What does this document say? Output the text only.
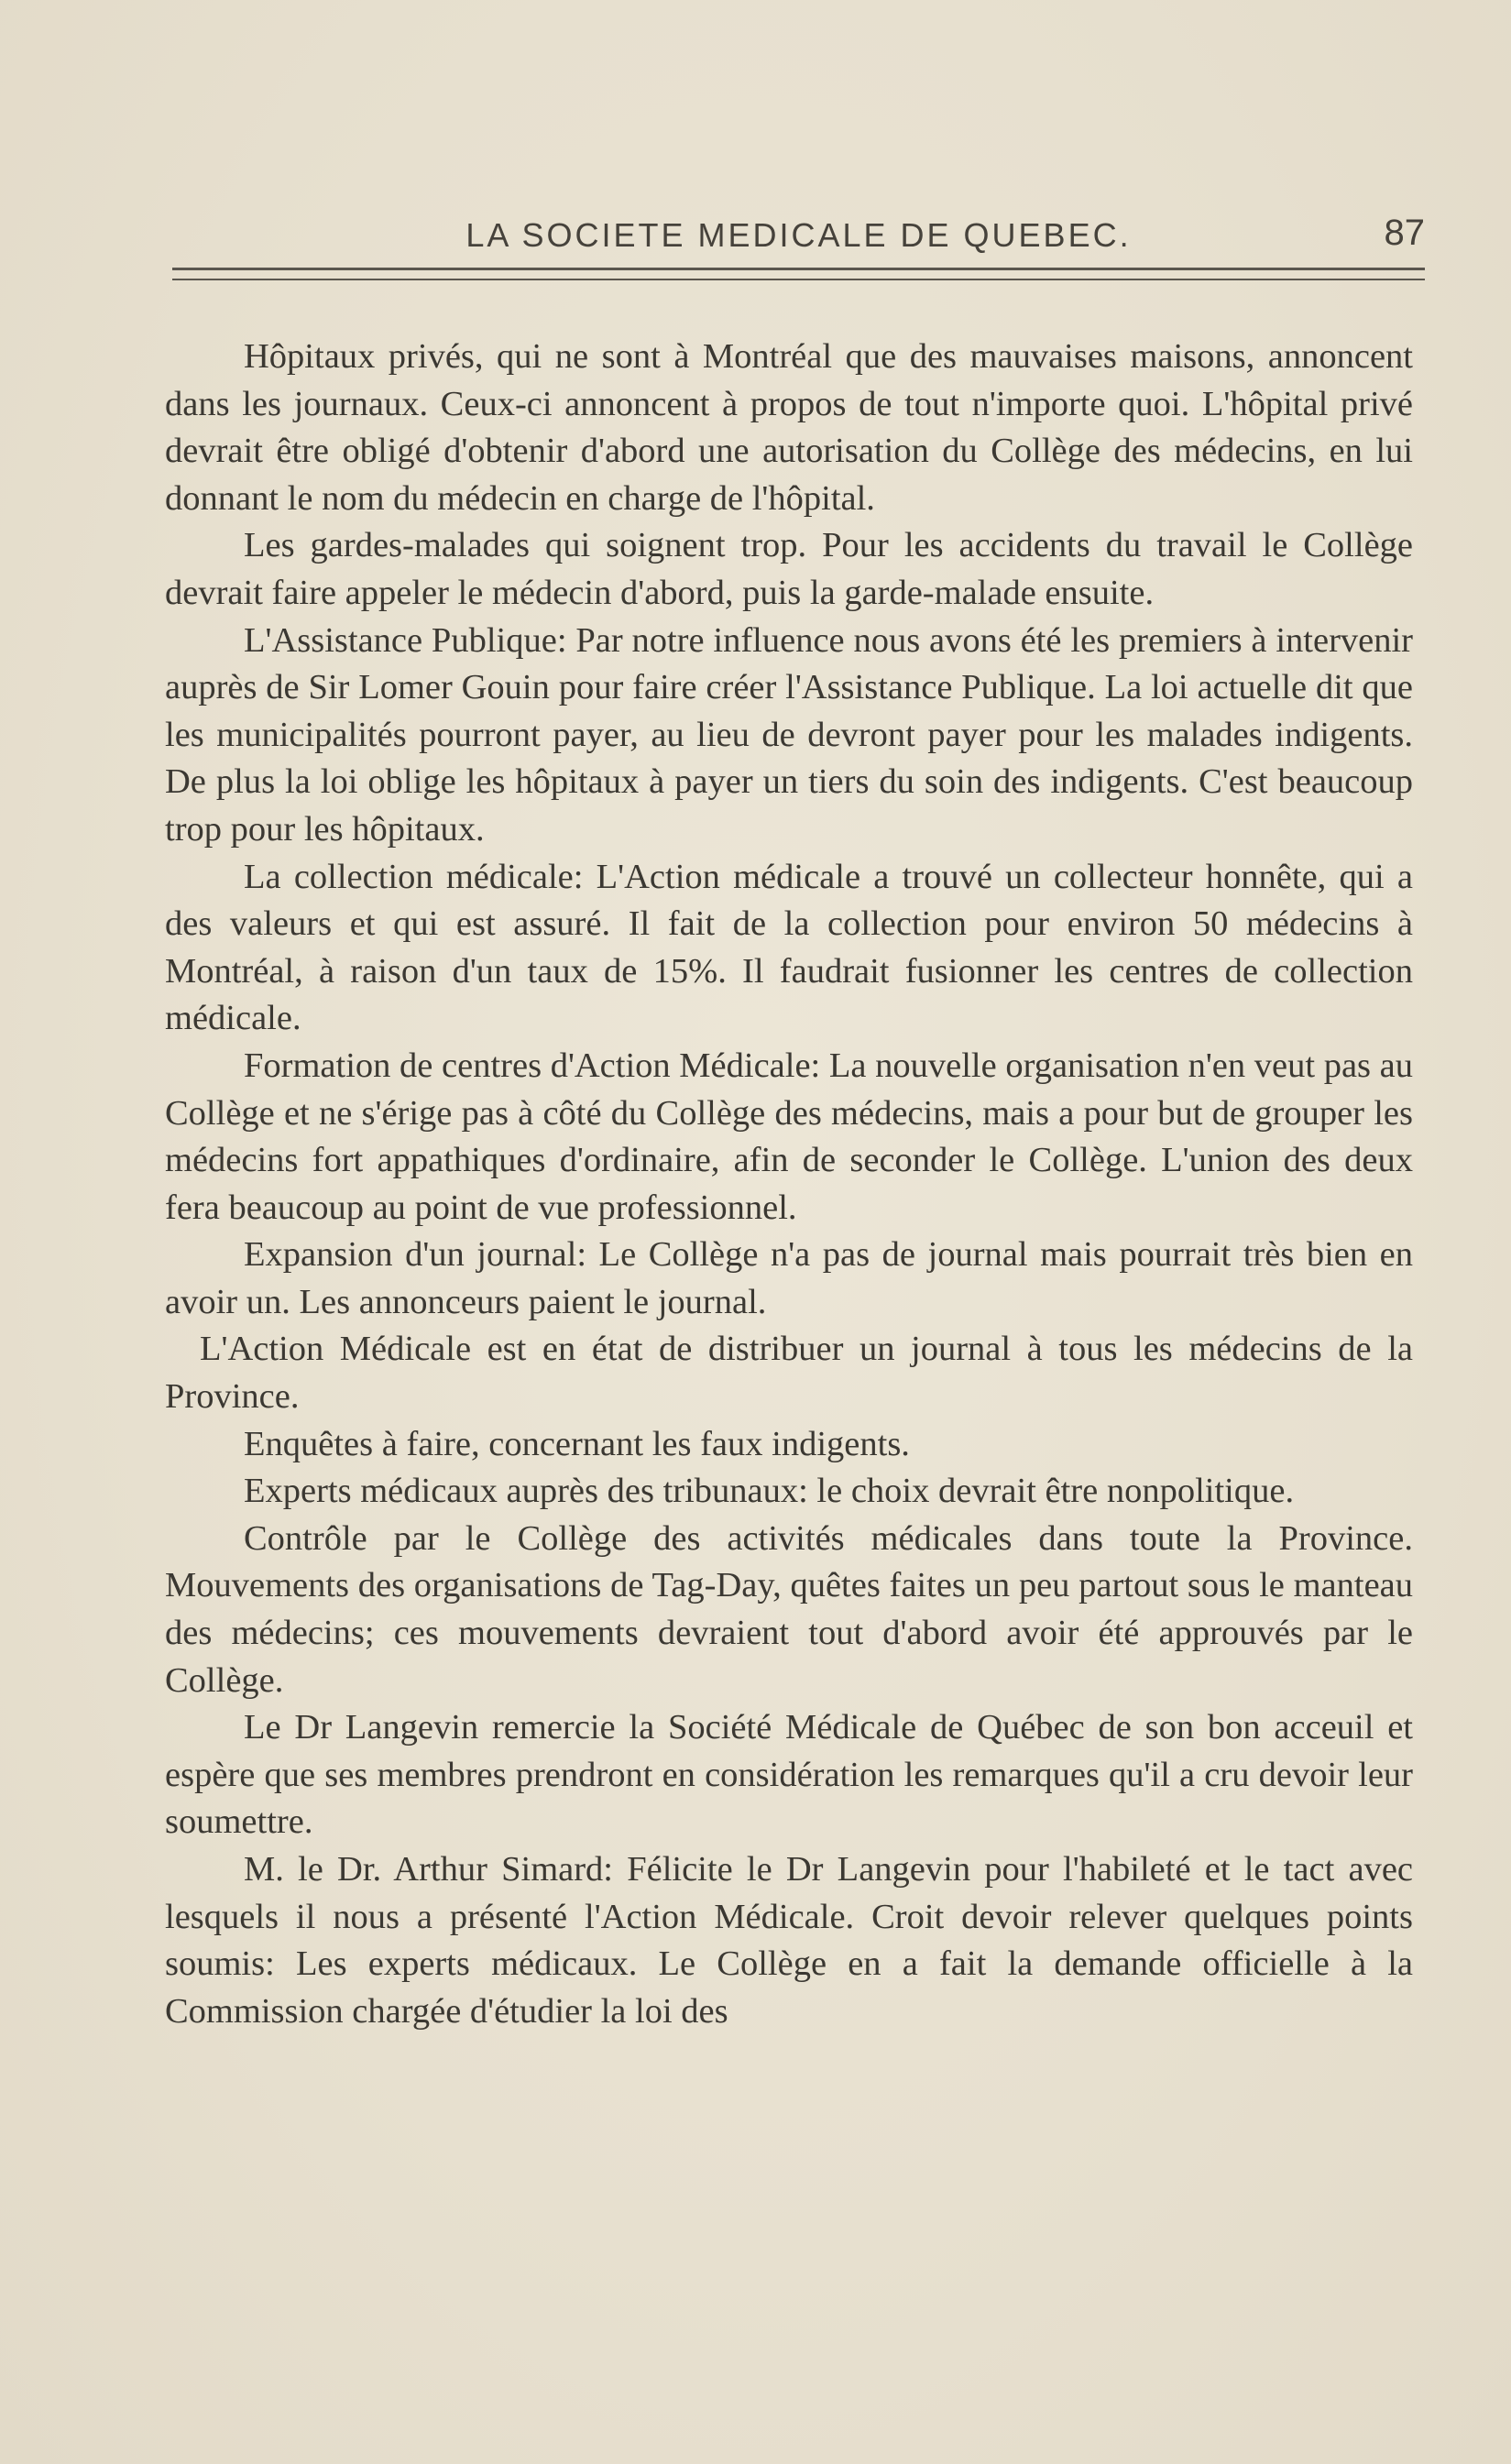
LA SOCIETE MEDICALE DE QUEBEC.	87

Hôpitaux privés, qui ne sont à Montréal que des mauvaises maisons, annoncent dans les journaux. Ceux-ci annoncent à propos de tout n'importe quoi. L'hôpital privé devrait être obligé d'obtenir d'abord une autorisation du Collège des médecins, en lui donnant le nom du médecin en charge de l'hôpital.

Les gardes-malades qui soignent trop. Pour les accidents du travail le Collège devrait faire appeler le médecin d'abord, puis la garde-malade ensuite.

L'Assistance Publique: Par notre influence nous avons été les premiers à intervenir auprès de Sir Lomer Gouin pour faire créer l'Assistance Publique. La loi actuelle dit que les municipalités pourront payer, au lieu de devront payer pour les malades indigents. De plus la loi oblige les hôpitaux à payer un tiers du soin des indigents. C'est beaucoup trop pour les hôpitaux.

La collection médicale: L'Action médicale a trouvé un collecteur honnête, qui a des valeurs et qui est assuré. Il fait de la collection pour environ 50 médecins à Montréal, à raison d'un taux de 15%. Il faudrait fusionner les centres de collection médicale.

Formation de centres d'Action Médicale: La nouvelle organisation n'en veut pas au Collège et ne s'érige pas à côté du Collège des médecins, mais a pour but de grouper les médecins fort appathiques d'ordinaire, afin de seconder le Collège. L'union des deux fera beaucoup au point de vue professionnel.

Expansion d'un journal: Le Collège n'a pas de journal mais pourrait très bien en avoir un. Les annonceurs paient le journal.

L'Action Médicale est en état de distribuer un journal à tous les médecins de la Province.

Enquêtes à faire, concernant les faux indigents.

Experts médicaux auprès des tribunaux: le choix devrait être nonpolitique.

Contrôle par le Collège des activités médicales dans toute la Province. Mouvements des organisations de Tag-Day, quêtes faites un peu partout sous le manteau des médecins; ces mouvements devraient tout d'abord avoir été approuvés par le Collège.

Le Dr Langevin remercie la Société Médicale de Québec de son bon acceuil et espère que ses membres prendront en considération les remarques qu'il a cru devoir leur soumettre.

M. le Dr. Arthur Simard: Félicite le Dr Langevin pour l'habileté et le tact avec lesquels il nous a présenté l'Action Médicale. Croit devoir relever quelques points soumis: Les experts médicaux. Le Collège en a fait la demande officielle à la Commission chargée d'étudier la loi des
